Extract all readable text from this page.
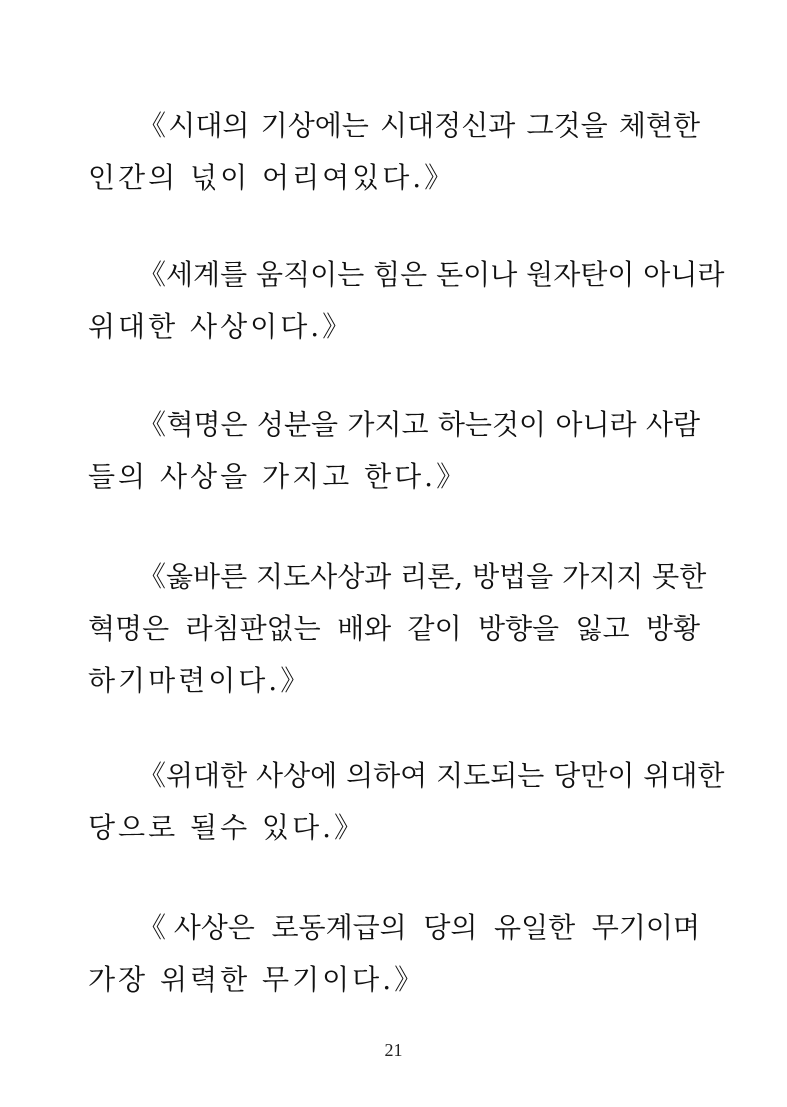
《시대의 기상에는 시대정신과 그것을 체현한
인간의 넋이 어리여있다.》
《세계를 움직이는 힘은 돈이나 원자탄이 아니라
위대한 사상이다.》
《혁명은 성분을 가지고 하는것이 아니라 사람
들의 사상을 가지고 한다.》
《옳바른 지도사상과 리론, 방법을 가지지 못한
혁명은 라침판없는 배와 같이 방향을 잃고 방황
하기마련이다.》
《위대한 사상에 의하여 지도되는 당만이 위대한
당으로 될수 있다.》
《사상은 로동계급의 당의 유일한 무기이며
가장 위력한 무기이다.》
21
